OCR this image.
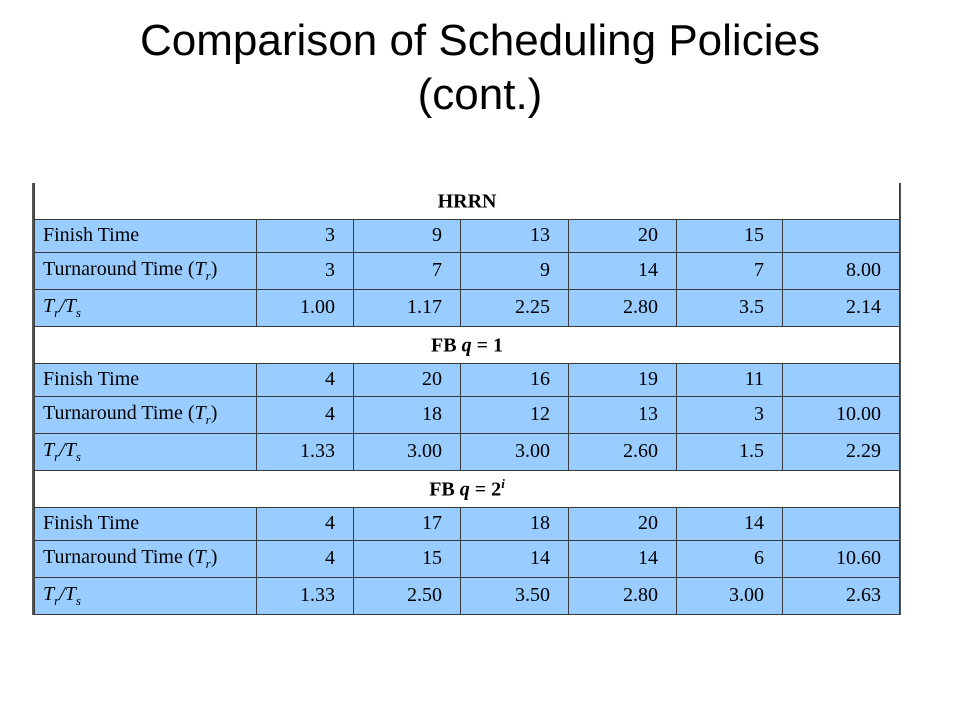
Comparison of Scheduling Policies
(cont.)
HRRN						
Finish Time	3	9	13	20	15	
Turnaround Time $(T_r)$	3	7	9	14	7	8.00
$T_r/T_s$	1.00	1.17	2.25	2.80	3.5	2.14
FB q = 1						
Finish Time	4	20	16	19	11	
Turnaround Time $(T_r)$	4	18	12	13	3	10.00
$T_r/T_s$	1.33	3.00	3.00	2.60	1.5	2.29
FB $q = 2^i$
Finish Time	4	17	18	20	14	
Turnaround Time $(T_r)$	4	15	14	14	6	10.60
$T_r/T_s$	1.33	2.50	3.50	2.80	3.00	2.63
